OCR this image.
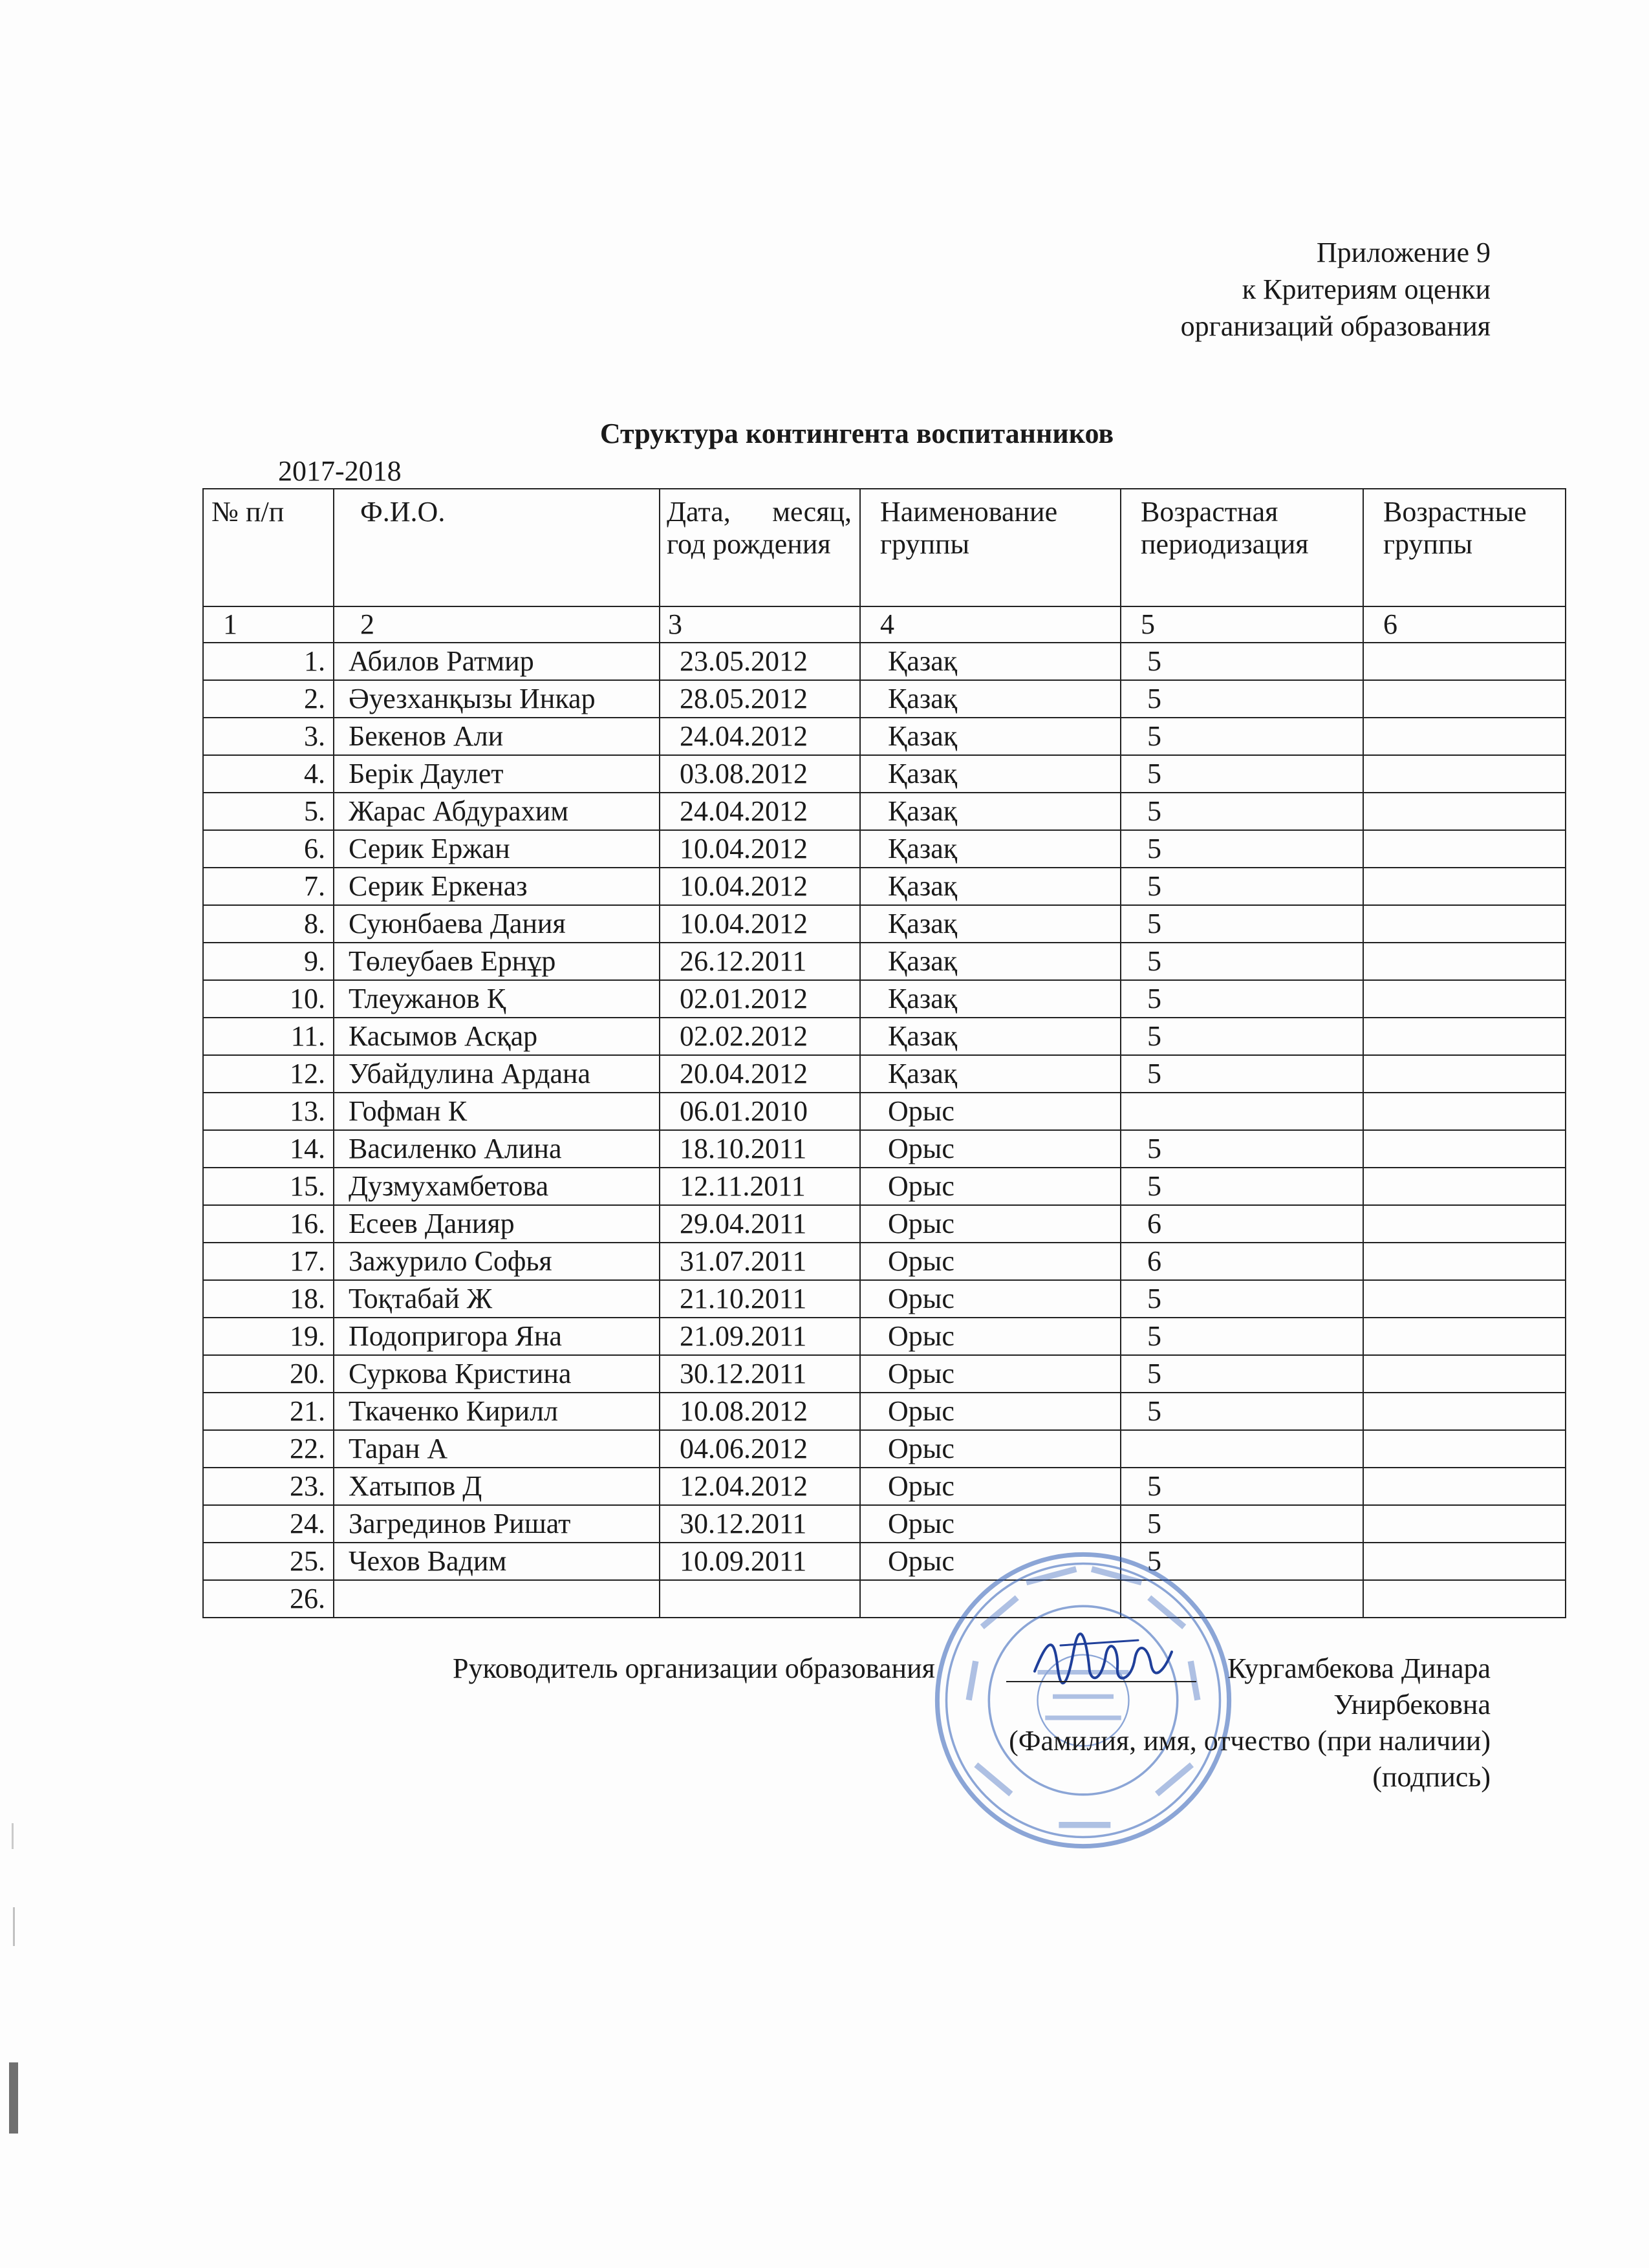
Приложение 9
к Критериям оценки
организаций образования
Структура контингента воспитанников
2017-2018
№ п/п	Ф.И.О.	Дата, месяц, год рождения	Наименование группы	Возрастная периодизация	Возрастные группы
1	2	3	4	5	6
1.	Абилов Ратмир	23.05.2012	Қазақ	5	
2.	Әуезханқызы Инкар	28.05.2012	Қазақ	5	
3.	Бекенов Али	24.04.2012	Қазақ	5	
4.	Берік Даулет	03.08.2012	Қазақ	5	
5.	Жарас Абдурахим	24.04.2012	Қазақ	5	
6.	Серик Ержан	10.04.2012	Қазақ	5	
7.	Серик Еркеназ	10.04.2012	Қазақ	5	
8.	Суюнбаева Дания	10.04.2012	Қазақ	5	
9.	Төлеубаев Ернұр	26.12.2011	Қазақ	5	
10.	Тлеужанов Қ	02.01.2012	Қазақ	5	
11.	Касымов Асқар	02.02.2012	Қазақ	5	
12.	Убайдулина Ардана	20.04.2012	Қазақ	5	
13.	Гофман К	06.01.2010	Орыс		
14.	Василенко Алина	18.10.2011	Орыс	5	
15.	Дузмухамбетова	12.11.2011	Орыс	5	
16.	Есеев Данияр	29.04.2011	Орыс	6	
17.	Зажурило Софья	31.07.2011	Орыс	6	
18.	Тоқтабай Ж	21.10.2011	Орыс	5	
19.	Подопригора Яна	21.09.2011	Орыс	5	
20.	Суркова Кристина	30.12.2011	Орыс	5	
21.	Ткаченко Кирилл	10.08.2012	Орыс	5	
22.	Таран А	04.06.2012	Орыс		
23.	Хатыпов Д	12.04.2012	Орыс	5	
24.	Загрединов Ришат	30.12.2011	Орыс	5	
25.	Чехов Вадим	10.09.2011	Орыс	5	
26.					
Руководитель организации образования	Кургамбекова Динара
Унирбековна
(Фамилия, имя, отчество (при наличии)
(подпись)
